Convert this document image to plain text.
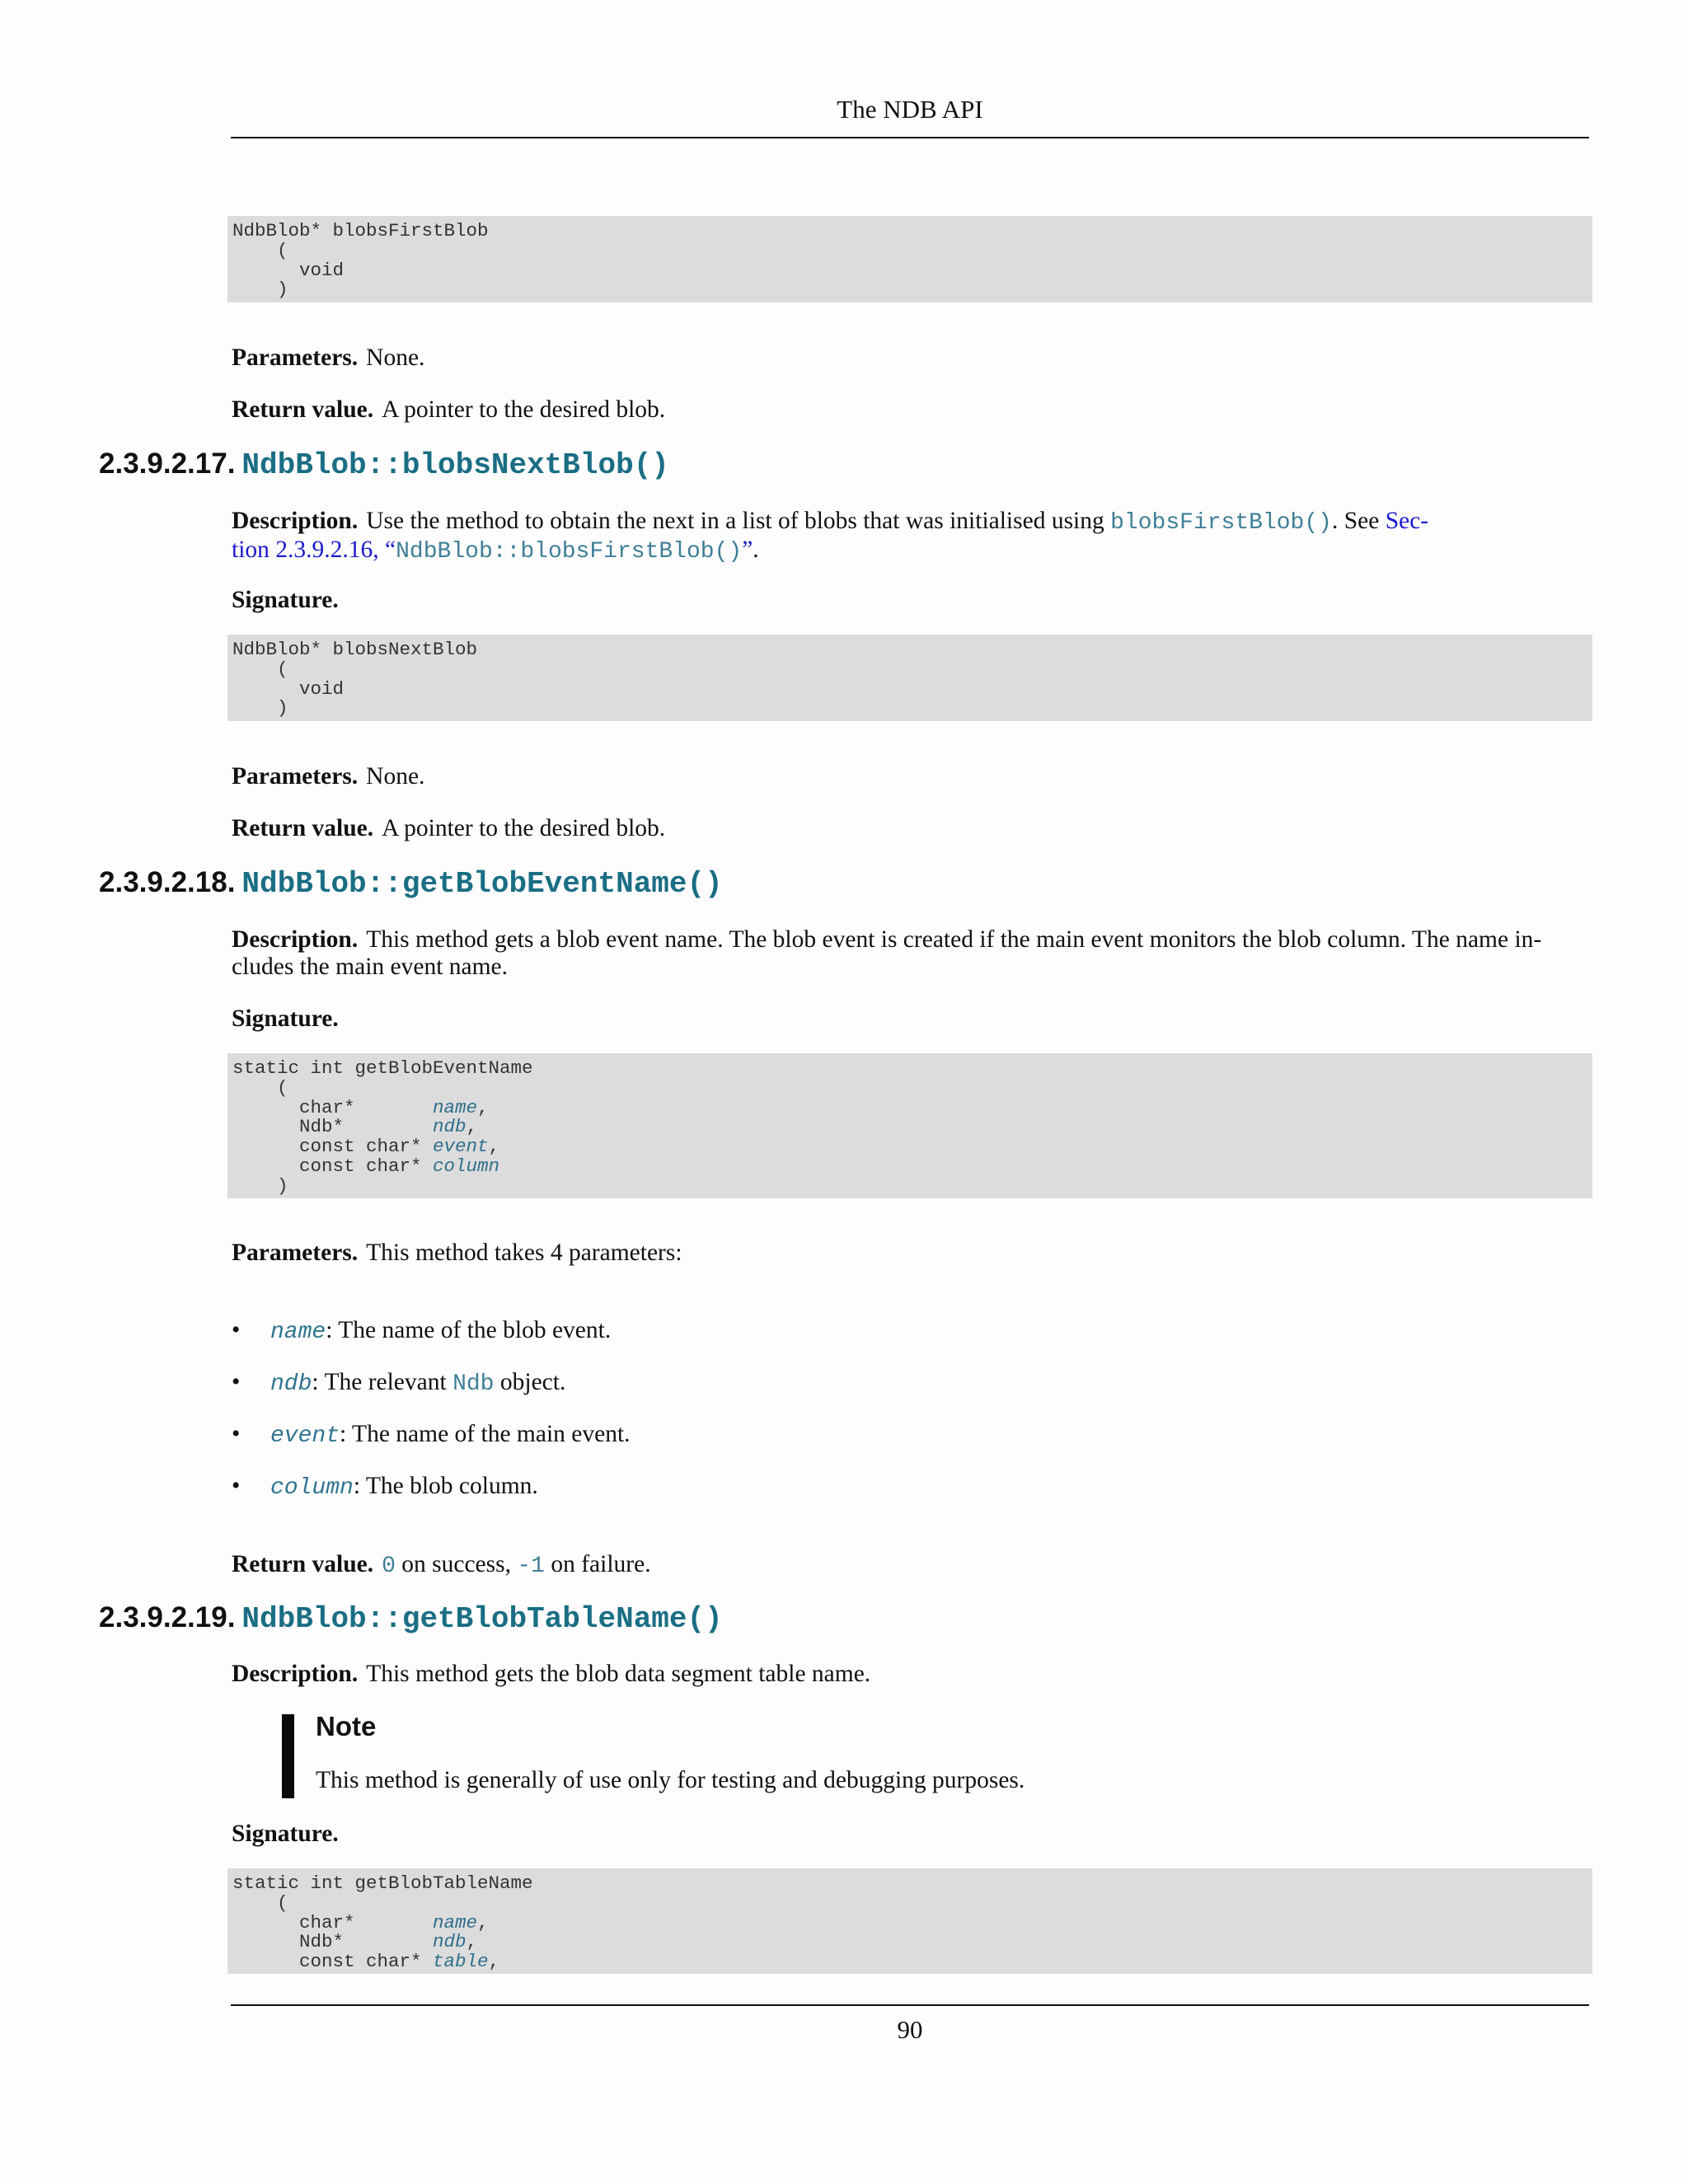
The NDB API
NdbBlob* blobsFirstBlob
(
void
)
Parameters. None.
Return value. A pointer to the desired blob.
2.3.9.2.17. NdbBlob::blobsNextBlob()
Description. Use the method to obtain the next in a list of blobs that was initialised using blobsFirstBlob(). See Sec-
tion 2.3.9.2.16, “NdbBlob::blobsFirstBlob()”.
Signature.
NdbBlob* blobsNextBlob
(
void
)
Parameters. None.
Return value. A pointer to the desired blob.
2.3.9.2.18. NdbBlob::getBlobEventName()
Description. This method gets a blob event name. The blob event is created if the main event monitors the blob column. The name in-
cludes the main event name.
Signature.
static int getBlobEventName
(
char*       name,
Ndb*        ndb,
const char* event,
const char* column
)
Parameters. This method takes 4 parameters:
• name: The name of the blob event.
• ndb: The relevant Ndb object.
• event: The name of the main event.
• column: The blob column.
Return value. 0 on success, -1 on failure.
2.3.9.2.19. NdbBlob::getBlobTableName()
Description. This method gets the blob data segment table name.
Note
This method is generally of use only for testing and debugging purposes.
Signature.
static int getBlobTableName
(
char*       name,
Ndb*        ndb,
const char* table,
90
